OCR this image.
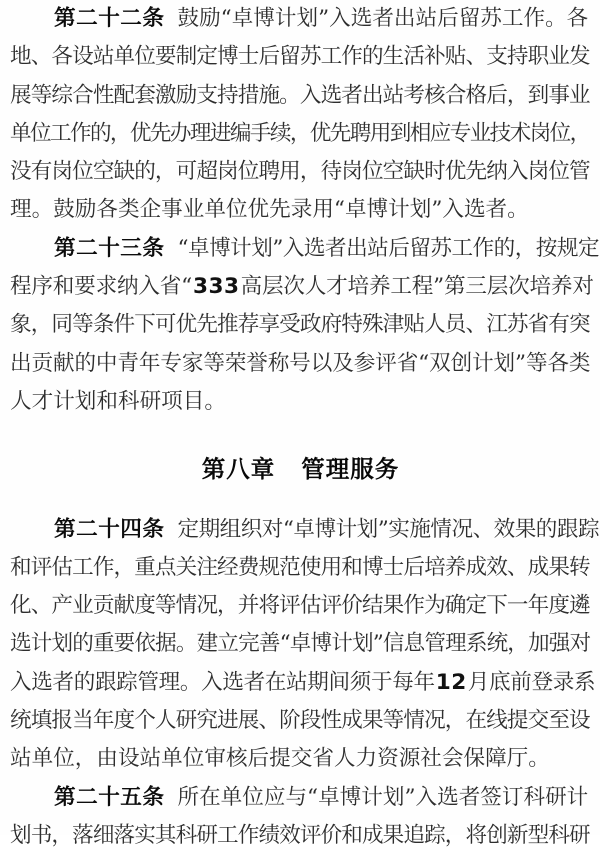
第二十二条 鼓励“卓博计划”入选者出站后留苏工作。各
地、各设站单位要制定博士后留苏工作的生活补贴、支持职业发
展等综合性配套激励支持措施。入选者出站考核合格后，到事业
单位工作的，优先办理进编手续，优先聘用到相应专业技术岗位，
没有岗位空缺的，可超岗位聘用，待岗位空缺时优先纳入岗位管
理。鼓励各类企事业单位优先录用“卓博计划”入选者。
第二十三条 “卓博计划”入选者出站后留苏工作的，按规定
程序和要求纳入省“333高层次人才培养工程”第三层次培养对
象，同等条件下可优先推荐享受政府特殊津贴人员、江苏省有突
出贡献的中青年专家等荣誉称号以及参评省“双创计划”等各类
人才计划和科研项目。
第八章 管理服务
第二十四条 定期组织对“卓博计划”实施情况、效果的跟踪
和评估工作，重点关注经费规范使用和博士后培养成效、成果转
化、产业贡献度等情况，并将评估评价结果作为确定下一年度遴
选计划的重要依据。建立完善“卓博计划”信息管理系统，加强对
入选者的跟踪管理。入选者在站期间须于每年12月底前登录系
统填报当年度个人研究进展、阶段性成果等情况，在线提交至设
站单位，由设站单位审核后提交省人力资源社会保障厅。
第二十五条 所在单位应与“卓博计划”入选者签订科研计
划书，落细落实其科研工作绩效评价和成果追踪，将创新型科研
